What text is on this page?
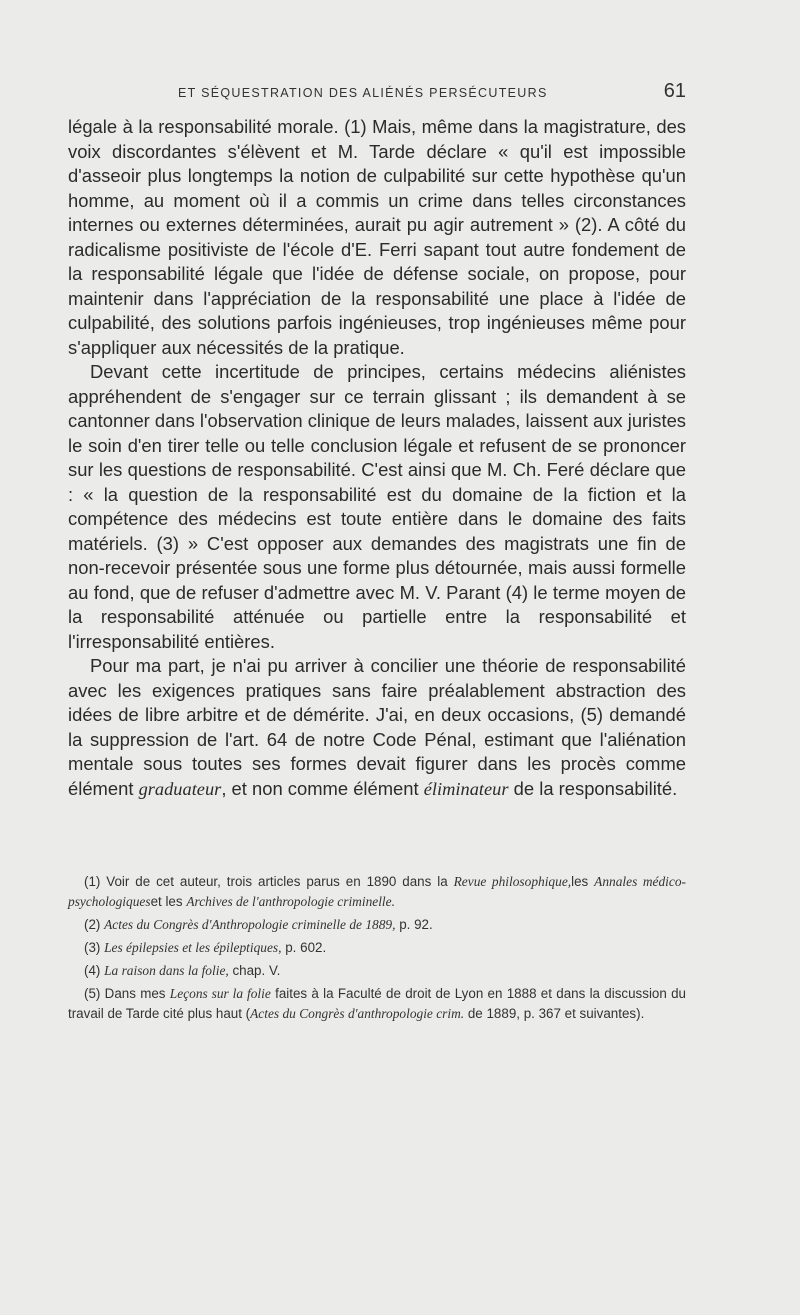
ET SÉQUESTRATION DES ALIÉNÉS PERSÉCUTEURS	61

légale à la responsabilité morale. (1) Mais, même dans la magistrature, des voix discordantes s'élèvent et M. Tarde déclare « qu'il est impossible d'asseoir plus longtemps la notion de culpabilité sur cette hypothèse qu'un homme, au moment où il a commis un crime dans telles circonstances internes ou externes déterminées, aurait pu agir autrement » (2). A côté du radicalisme positiviste de l'école d'E. Ferri sapant tout autre fondement de la responsabilité légale que l'idée de défense sociale, on propose, pour maintenir dans l'appréciation de la responsabilité une place à l'idée de culpabilité, des solutions parfois ingénieuses, trop ingénieuses même pour s'appliquer aux nécessités de la pratique.

Devant cette incertitude de principes, certains médecins aliénistes appréhendent de s'engager sur ce terrain glissant ; ils demandent à se cantonner dans l'observation clinique de leurs malades, laissent aux juristes le soin d'en tirer telle ou telle conclusion légale et refusent de se prononcer sur les questions de responsabilité. C'est ainsi que M. Ch. Feré déclare que : « la question de la responsabilité est du domaine de la fiction et la compétence des médecins est toute entière dans le domaine des faits matériels. (3) » C'est opposer aux demandes des magistrats une fin de non-recevoir présentée sous une forme plus détournée, mais aussi formelle au fond, que de refuser d'admettre avec M. V. Parant (4) le terme moyen de la responsabilité atténuée ou partielle entre la responsabilité et l'irresponsabilité entières.

Pour ma part, je n'ai pu arriver à concilier une théorie de responsabilité avec les exigences pratiques sans faire préalablement abstraction des idées de libre arbitre et de démérite. J'ai, en deux occasions, (5) demandé la suppression de l'art. 64 de notre Code Pénal, estimant que l'aliénation mentale sous toutes ses formes devait figurer dans les procès comme élément graduateur, et non comme élément éliminateur de la responsabilité.

(1) Voir de cet auteur, trois articles parus en 1890 dans la Revue philosophique,les Annales médico-psychologiqueset les Archives de l'anthropologie criminelle.

(2) Actes du Congrès d'Anthropologie criminelle de 1889, p. 92.

(3) Les épilepsies et les épileptiques, p. 602.

(4) La raison dans la folie, chap. V.

(5) Dans mes Leçons sur la folie faites à la Faculté de droit de Lyon en 1888 et dans la discussion du travail de Tarde cité plus haut (Actes du Congrès d'anthropologie crim. de 1889, p. 367 et suivantes).
